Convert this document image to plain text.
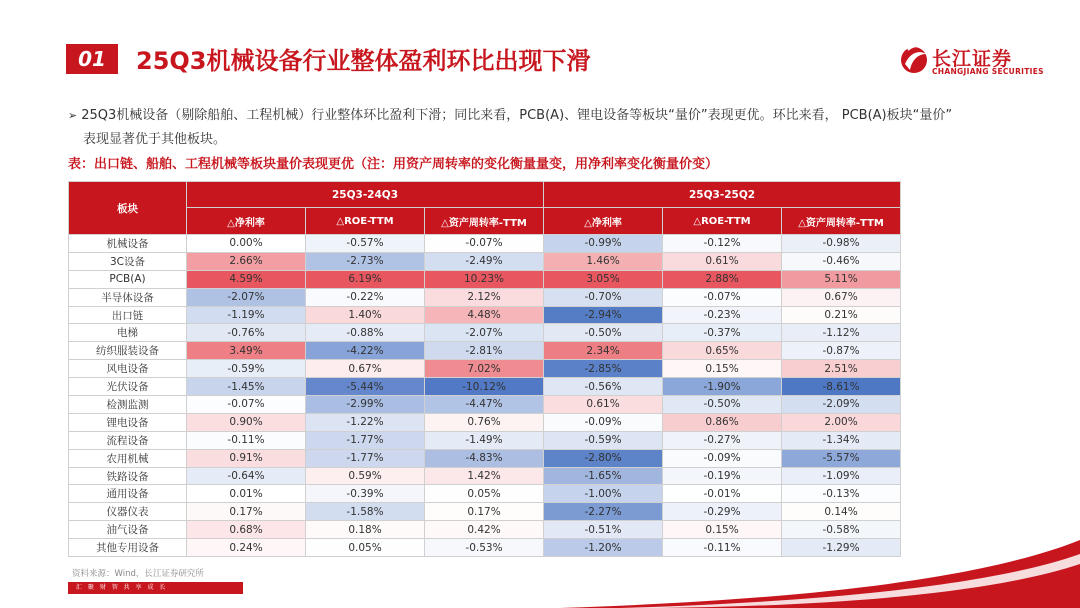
01	25Q3机械设备行业整体盈利环比出现下滑	长江证券
CHANGJIANG SECURITIES
➢ 25Q3机械设备（剔除船舶、工程机械）行业整体环比盈利下滑；同比来看，PCB(A)、锂电设备等板块“量价”表现更优。环比来看， PCB(A)板块“量价”
表现显著优于其他板块。
表：出口链、船舶、工程机械等板块量价表现更优（注：用资产周转率的变化衡量量变，用净利率变化衡量价变）
板块	25Q3-24Q3			25Q3-25Q2		
	△净利率	△ROE-TTM	△资产周转率-TTM	△净利率	△ROE-TTM	△资产周转率-TTM
机械设备	0.00%	-0.57%	-0.07%	-0.99%	-0.12%	-0.98%
3C设备	2.66%	-2.73%	-2.49%	1.46%	0.61%	-0.46%
PCB(A)	4.59%	6.19%	10.23%	3.05%	2.88%	5.11%
半导体设备	-2.07%	-0.22%	2.12%	-0.70%	-0.07%	0.67%
出口链	-1.19%	1.40%	4.48%	-2.94%	-0.23%	0.21%
电梯	-0.76%	-0.88%	-2.07%	-0.50%	-0.37%	-1.12%
纺织服装设备	3.49%	-4.22%	-2.81%	2.34%	0.65%	-0.87%
风电设备	-0.59%	0.67%	7.02%	-2.85%	0.15%	2.51%
光伏设备	-1.45%	-5.44%	-10.12%	-0.56%	-1.90%	-8.61%
检测监测	-0.07%	-2.99%	-4.47%	0.61%	-0.50%	-2.09%
锂电设备	0.90%	-1.22%	0.76%	-0.09%	0.86%	2.00%
流程设备	-0.11%	-1.77%	-1.49%	-0.59%	-0.27%	-1.34%
农用机械	0.91%	-1.77%	-4.83%	-2.80%	-0.09%	-5.57%
铁路设备	-0.64%	0.59%	1.42%	-1.65%	-0.19%	-1.09%
通用设备	0.01%	-0.39%	0.05%	-1.00%	-0.01%	-0.13%
仪器仪表	0.17%	-1.58%	0.17%	-2.27%	-0.29%	0.14%
油气设备	0.68%	0.18%	0.42%	-0.51%	0.15%	-0.58%
其他专用设备	0.24%	0.05%	-0.53%	-1.20%	-0.11%	-1.29%
资料来源：Wind，长江证券研究所
汇 聚 财 智 共 享 成 长
